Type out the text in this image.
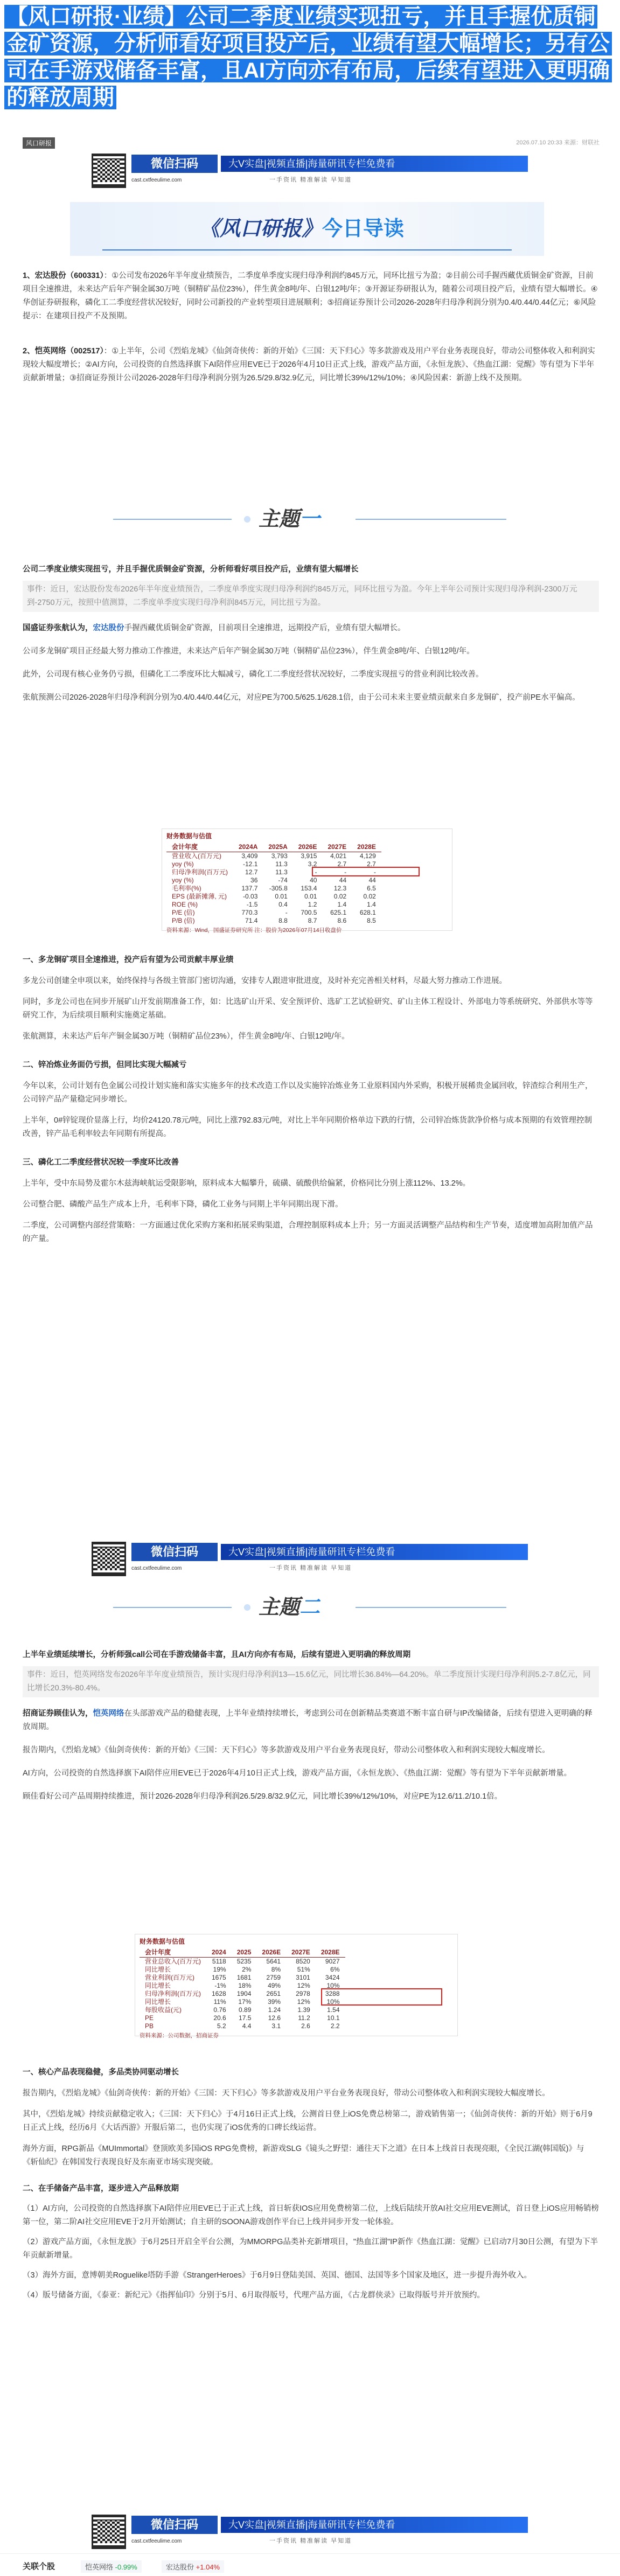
【风口研报·业绩】公司二季度业绩实现扭亏，并且手握优质铜金矿资源，分析师看好项目投产后，业绩有望大幅增长；另有公司在手游戏储备丰富，且AI方向亦有布局，后续有望进入更明确的释放周期
风口研报	2026.07.10 20:33 来源：财联社
微信扫码
cast.cxtfeeulime.com
大V实盘|视频直播|海量研讯专栏免费看
一手资讯 精准解读 早知道
《风口研报》今日导读

1、宏达股份（600331）：①公司发布2026年半年度业绩预告，二季度单季度实现归母净利润约845万元，同环比扭亏为盈；②目前公司手握西藏优质铜金矿资源，目前项目全速推进，未来达产后年产铜金属30万吨（铜精矿品位23%），伴生黄金8吨/年、白银12吨/年；③开源证券研报认为，随着公司项目投产后，业绩有望大幅增长。④华创证券研报称，磷化工二季度经营状况较好，同时公司新投的产业转型项目进展顺利；⑤招商证券预计公司2026-2028年归母净利润分别为0.4/0.44/0.44亿元；⑥风险提示：在建项目投产不及预期。

2、恺英网络（002517）：①上半年，公司《烈焰龙城》《仙剑奇侠传：新的开始》《三国：天下归心》等多款游戏及用户平台业务表现良好，带动公司整体收入和利润实现较大幅度增长；②AI方向，公司投资的自然选择旗下AI陪伴应用EVE已于2026年4月10日正式上线，游戏产品方面，《永恒龙族》、《热血江湖：觉醒》等有望为下半年贡献新增量；③招商证券预计公司2026-2028年归母净利润分别为26.5/29.8/32.9亿元，同比增长39%/12%/10%；④风险因素：新游上线不及预期。

主题一

公司二季度业绩实现扭亏，并且手握优质铜金矿资源，分析师看好项目投产后，业绩有望大幅增长

事件：近日，宏达股份发布2026年半年度业绩预告，二季度单季度实现归母净利润约845万元，同环比扭亏为盈。今年上半年公司预计实现归母净利润-2300万元到-2750万元，按照中值测算，二季度单季度实现归母净利润845万元，同比扭亏为盈。

国盛证券张航认为，宏达股份手握西藏优质铜金矿资源，目前项目全速推进，远期投产后，业绩有望大幅增长。

公司多龙铜矿项目正经最大努力推动工作推进，未来达产后年产铜金属30万吨（铜精矿品位23%），伴生黄金8吨/年、白银12吨/年。

此外，公司现有核心业务仍亏损，但磷化工二季度环比大幅减亏，磷化工二季度经营状况较好，二季度实现扭亏的营业利润比较改善。

张航预测公司2026-2028年归母净利润分别为0.4/0.44/0.44亿元，对应PE为700.5/625.1/628.1倍，由于公司未来主要业绩贡献来自多龙铜矿，投产前PE水平偏高。

财务数据与估值
会计年度	2024A	2025A	2026E	2027E	2028E
营业收入(百万元)	3,409	3,793	3,915	4,021	4,129
yoy (%)	-12.1	11.3	3.2	2.7	2.7
归母净利润(百万元)	12.7	11.3	-	-	-
yoy (%)	36	-74	40	44	44
毛利率(%)	137.7	-305.8	153.4	12.3	6.5
EPS (最新摊薄, 元)	-0.03	0.01	0.01	0.02	0.02
ROE (%)	-1.5	0.4	1.2	1.4	1.4
P/E (倍)	770.3	-	700.5	625.1	628.1
P/B (倍)	71.4	8.8	8.7	8.6	8.5
资料来源：Wind，国盛证券研究所 注：股价为2026年07月14日收盘价

一、多龙铜矿项目全速推进，投产后有望为公司贡献丰厚业绩

多龙公司创建全申项以来，始终保持与各级主管部门密切沟通，安排专人跟进审批进度，及时补充完善相关材料，尽最大努力推动工作进展。

同时，多龙公司也在同步开展矿山开发前期准备工作，如：比选矿山开采、安全预评价、选矿工艺试验研究、矿山主体工程设计、外部电力等系统研究、外部供水等等研究工作，为后续项目顺利实施奠定基础。

张航测算，未来达产后年产铜金属30万吨（铜精矿品位23%），伴生黄金8吨/年、白银12吨/年。

二、锌冶炼业务面仍亏损，但同比实现大幅减亏

今年以来，公司计划有色金属公司投计划实施和落实实施多年的技术改造工作以及实施锌冶炼业务工业原料国内外采购，积极开展稀贵金属回收，锌渣综合利用生产，公司锌产品产量稳定同步增长。

上半年，0#锌锭现价显落上行，均价24120.78元/吨，同比上涨792.83元/吨，对比上半年同期价格单边下跌的行情，公司锌冶炼货款净价格与成本预期的有效管理控制改善，锌产品毛利率较去年同期有所提高。

三、磷化工二季度经营状况较一季度环比改善

上半年，受中东局势及霍尔木兹海峡航运受限影响，原料成本大幅攀升，硫磺、硫酸供给偏紧，价格同比分别上涨112%、13.2%。

公司整合肥、磷酸产品生产成本上升，毛利率下降，磷化工业务与同期上半年同期出现下滑。

二季度，公司调整内部经营策略：一方面通过优化采购方案和拓展采购渠道，合理控制原料成本上升；另一方面灵活调整产品结构和生产节奏，适度增加高附加值产品的产量。

微信扫码
cast.cxtfeeulime.com
大V实盘|视频直播|海量研讯专栏免费看
一手资讯 精准解读 早知道
主题二

上半年业绩延续增长，分析师强call公司在手游戏储备丰富，且AI方向亦有布局，后续有望进入更明确的释放周期

事件：近日，恺英网络发布2026年半年度业绩预告，预计实现归母净利润13—15.6亿元，同比增长36.84%—64.20%。单二季度预计实现归母净利润5.2-7.8亿元，同比增长20.3%-80.4%。

招商证券顾佳认为，恺英网络在头部游戏产品的稳健表现，上半年业绩持续增长，考虑到公司在创新精品类赛道不断丰富自研与IP改编储备，后续有望进入更明确的释放周期。

报告期内，《烈焰龙城》《仙剑奇侠传：新的开始》《三国：天下归心》等多款游戏及用户平台业务表现良好，带动公司整体收入和利润实现较大幅度增长。

AI方向，公司投资的自然选择旗下AI陪伴应用EVE已于2026年4月10日正式上线，游戏产品方面，《永恒龙族》、《热血江湖：觉醒》等有望为下半年贡献新增量。

顾佳看好公司产品周期持续推进，预计2026-2028年归母净利润26.5/29.8/32.9亿元，同比增长39%/12%/10%，对应PE为12.6/11.2/10.1倍。

财务数据与估值
会计年度	2024	2025	2026E	2027E	2028E
营业总收入(百万元)	5118	5235	5641	8520	9027
同比增长	19%	2%	8%	51%	6%
营业利润(百万元)	1675	1681	2759	3101	3424
同比增长	-1%	18%	49%	12%	10%
归母净利润(百万元)	1628	1904	2651	2978	3288
同比增长	11%	17%	39%	12%	10%
每股收益(元)	0.76	0.89	1.24	1.39	1.54
PE	20.6	17.5	12.6	11.2	10.1
PB	5.2	4.4	3.1	2.6	2.2
资料来源：公司数据，招商证券

一、核心产品表现稳健，多品类协同驱动增长

报告期内，《烈焰龙城》《仙剑奇侠传：新的开始》《三国：天下归心》等多款游戏及用户平台业务表现良好，带动公司整体收入和利润实现较大幅度增长。

其中，《烈焰龙城》持续贡献稳定收入；《三国：天下归心》于4月16日正式上线，公测首日登上iOS免费总榜第二，游戏销售第一；《仙剑奇侠传：新的开始》则于6月9日正式上线，经历6月《大话西游》开服后第二，也仍实现了iOS优秀的口碑长线运营。

海外方面，RPG新品《MUImmortal》登顶欧美多国iOS RPG免费榜，新游戏SLG《镜头之野望：通往天下之道》在日本上线首日表现亮眼，《全民江湖(韩国版)》与《斩仙纪》在韩国发行表现良好及东南亚市场实现突破。

二、在手储备产品丰富，逐步进入产品释放期

（1）AI方向，公司投资的自然选择旗下AI陪伴应用EVE已于正式上线，首日斩获IOS应用免费榜第二位，上线后陆续开放AI社交应用EVE测试，首日登上iOS应用畅销榜第一位，第二阶AI社交应用EVE于2月开始测试；自主研的SOONA游戏创作平台已上线并同步开发一轮体验。

（2）游戏产品方面，《永恒龙族》于6月25日开启全平台公测，为MMORPG品类补充新增项目，"热血江湖"IP新作《热血江湖：觉醒》已启动7月30日公测，有望为下半年贡献新增量。

（3）海外方面，意博朝美Roguelike塔防手游《StrangerHeroes》于6月9日登陆美国、英国、德国、法国等多个国家及地区，进一步提升海外收入。

（4）版号储备方面，《泰亚：新纪元》《指挥仙印》分别于5月、6月取得版号，代理产品方面，《古龙群侠录》已取得版号并开放预约。

微信扫码
cast.cxtfeeulime.com
大V实盘|视频直播|海量研讯专栏免费看
一手资讯 精准解读 早知道
关联个股	恺英网络 -0.99%	宏达股份 +1.04%
